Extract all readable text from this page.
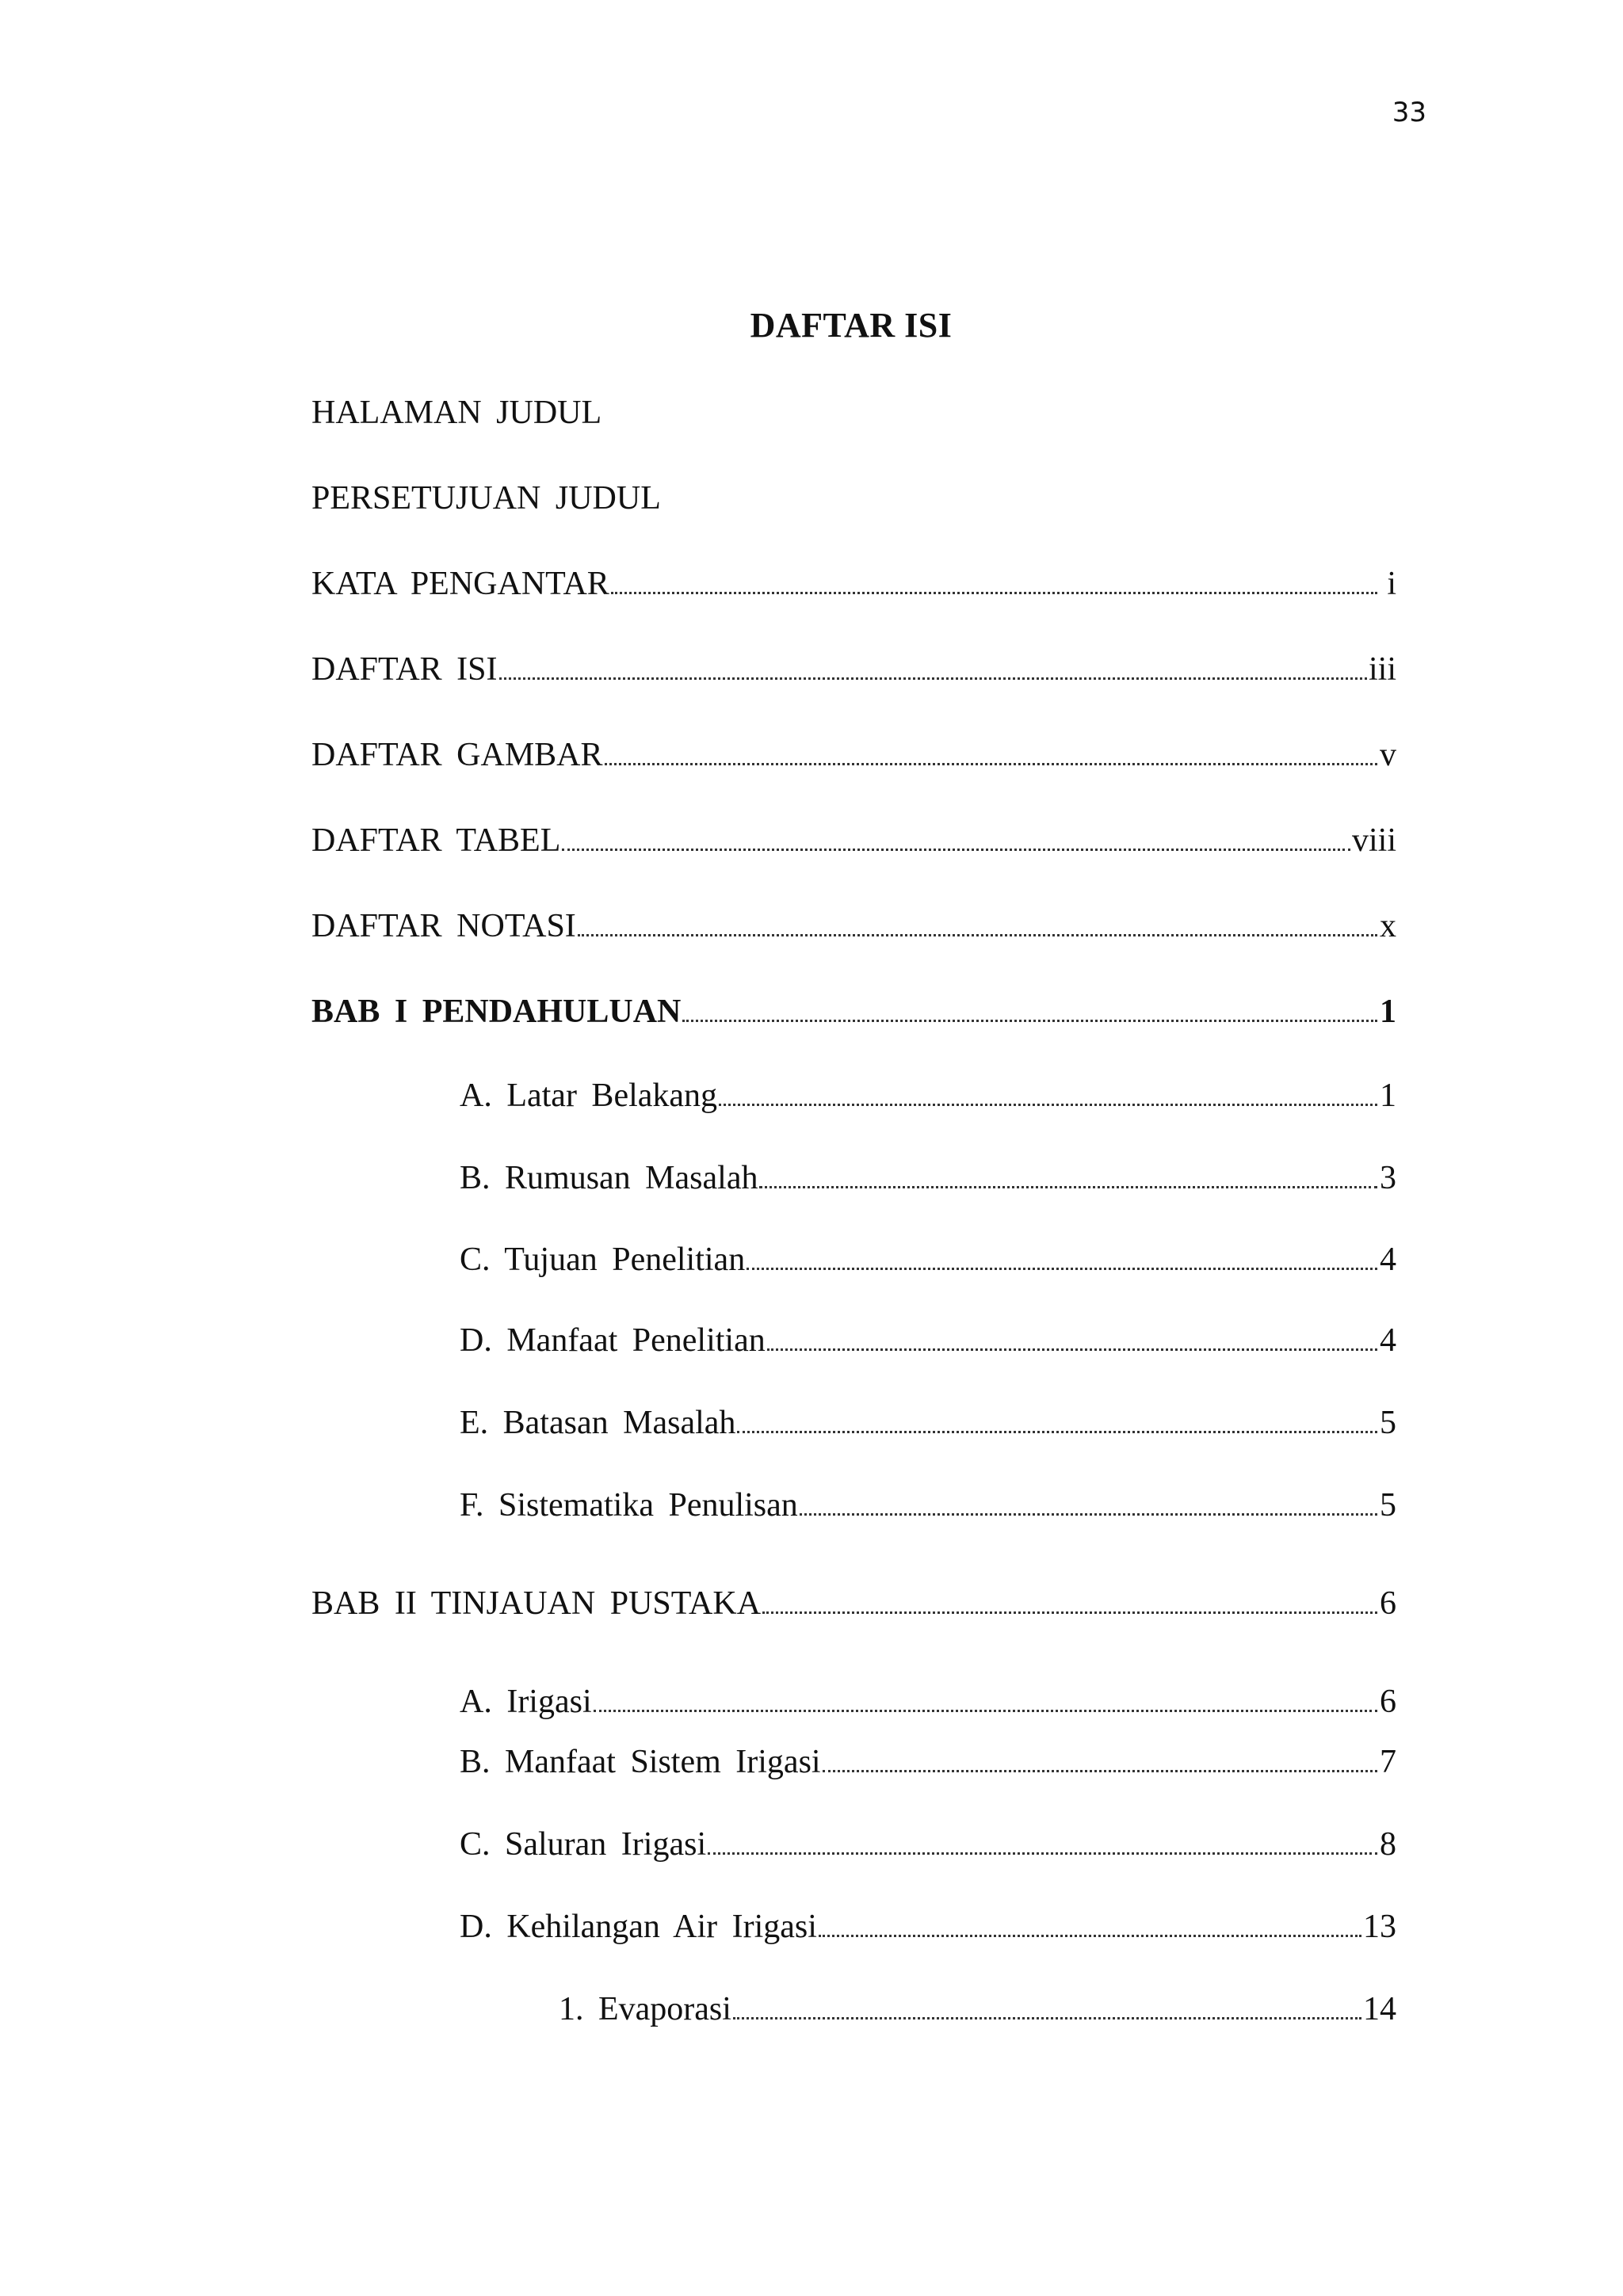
33
DAFTAR ISI
HALAMAN JUDUL
PERSETUJUAN JUDUL
KATA PENGANTAR	i
DAFTAR ISI	iii
DAFTAR GAMBAR	v
DAFTAR TABEL	viii
DAFTAR NOTASI	x
BAB I PENDAHULUAN	1
A. Latar Belakang	1
B. Rumusan Masalah	3
C. Tujuan Penelitian	4
D. Manfaat Penelitian	4
E. Batasan Masalah	5
F. Sistematika Penulisan	5
BAB II TINJAUAN PUSTAKA	6
A. Irigasi	6
B. Manfaat Sistem Irigasi	7
C. Saluran Irigasi	8
D. Kehilangan Air Irigasi	13
1. Evaporasi	14
